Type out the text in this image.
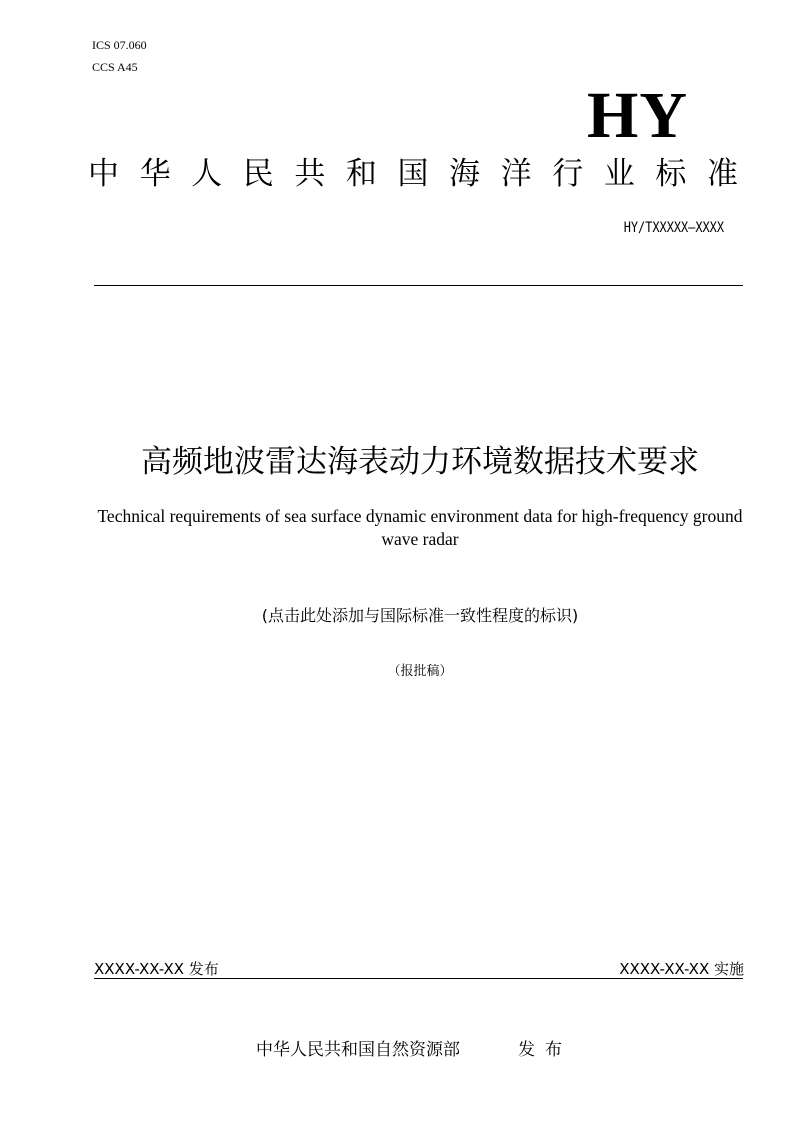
ICS 07.060
CCS A45
HY
中 华 人 民 共 和 国 海 洋 行 业 标 准
HY/TXXXXX—XXXX
高频地波雷达海表动力环境数据技术要求
Technical requirements of sea surface dynamic environment data for high-frequency ground wave radar
(点击此处添加与国际标准一致性程度的标识)
（报批稿）
XXXX-XX-XX 发布	XXXX-XX-XX 实施
中华人民共和国自然资源部	发布
